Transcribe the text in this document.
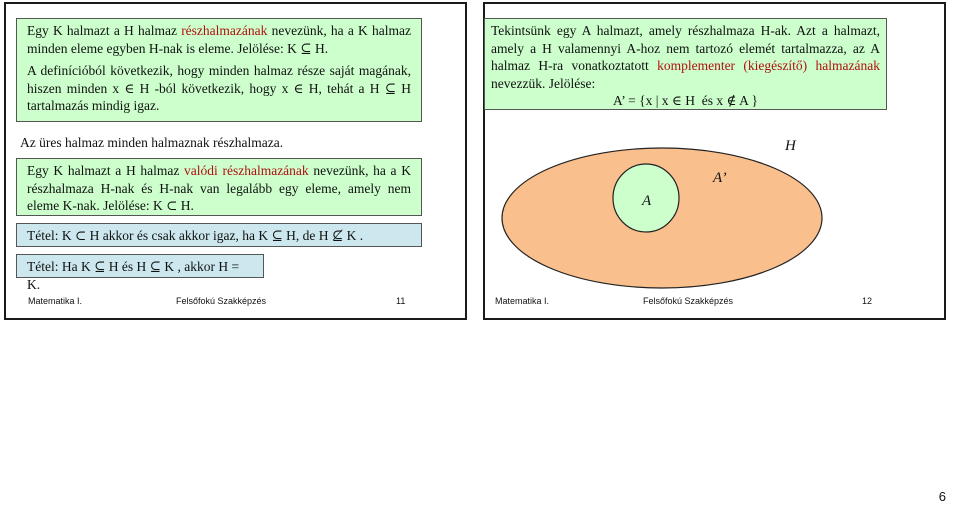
Egy K halmazt a H halmaz részhalmazának nevezünk, ha a K halmaz minden eleme egyben H-nak is eleme. Jelölése: K ⊆ H.
A definícióból következik, hogy minden halmaz része saját magának, hiszen minden x ∈ H -ból következik, hogy x ∈ H, tehát a H ⊆ H tartalmazás mindig igaz.
Az üres halmaz minden halmaznak részhalmaza.
Egy K halmazt a H halmaz valódi részhalmazának nevezünk, ha a K részhalmaza H-nak és H-nak van legalább egy eleme, amely nem eleme K-nak. Jelölése: K ⊂ H.
Tétel: K ⊂ H akkor és csak akkor igaz, ha K ⊆ H, de H ⊈ K .
Tétel: Ha K ⊆ H és H ⊆ K , akkor H = K.
Matematika I.	Felsőfokú Szakképzés	11
Tekintsünk egy A halmazt, amely részhalmaza H-ak. Azt a halmazt, amely a H valamennyi A-hoz nem tartozó elemét tartalmazza, az A halmaz H-ra vonatkoztatott komplementer (kiegészítő) halmazának nevezzük. Jelölése:
A’ = {x | x ∈ H  és x ∉ A }
H
A’
A
Matematika I.	Felsőfokú Szakképzés	12
6
